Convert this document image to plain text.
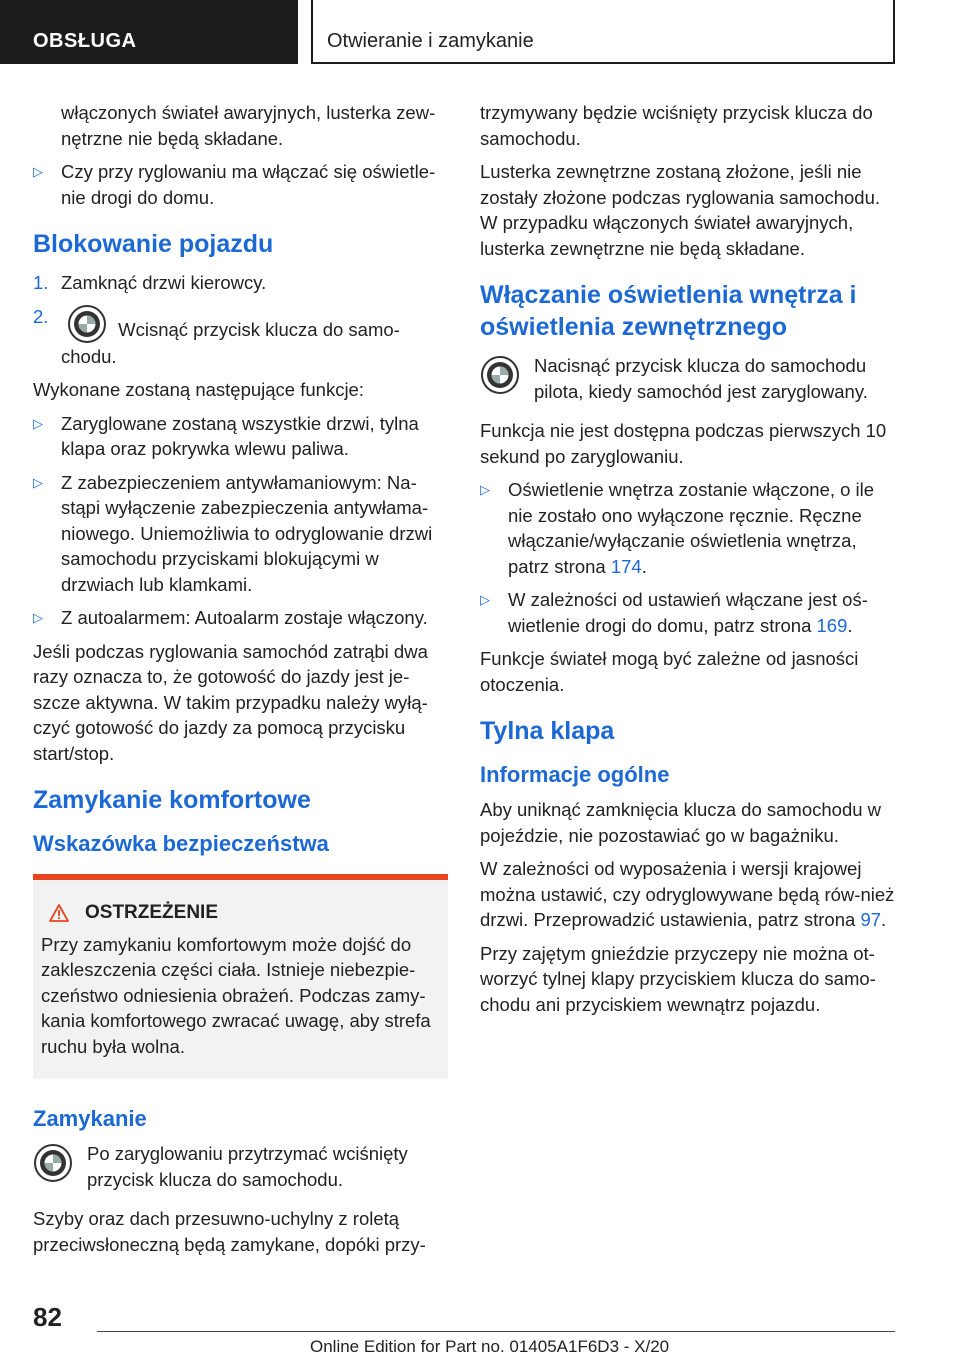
OBSŁUGA	Otwieranie i zamykanie

włączonych świateł awaryjnych, lusterka zew-nętrzne nie będą składane.

▷ Czy przy ryglowaniu ma włączać się oświetle-nie drogi do domu.
Blokowanie pojazdu
1. Zamknąć drzwi kierowcy.
2.
Wcisnąć przycisk klucza do samo-chodu.

Wykonane zostaną następujące funkcje:

▷ Zaryglowane zostaną wszystkie drzwi, tylna klapa oraz pokrywka wlewu paliwa.
▷ Z zabezpieczeniem antywłamaniowym: Na-stąpi wyłączenie zabezpieczenia antywłama-niowego. Uniemożliwia to odryglowanie drzwi samochodu przyciskami blokującymi w drzwiach lub klamkami.
▷ Z autoalarmem: Autoalarm zostaje włączony.

Jeśli podczas ryglowania samochód zatrąbi dwa razy oznacza to, że gotowość do jazdy jest je-szcze aktywna. W takim przypadku należy wyłą-czyć gotowość do jazdy za pomocą przycisku start/stop.

Zamykanie komfortowe
Wskazówka bezpieczeństwa
OSTRZEŻENIE

Przy zamykaniu komfortowym może dojść do zakleszczenia części ciała. Istnieje niebezpie-czeństwo odniesienia obrażeń. Podczas zamy-kania komfortowego zwracać uwagę, aby strefa ruchu była wolna.

Zamykanie
Po zaryglowaniu przytrzymać wciśnięty przycisk klucza do samochodu.

Szyby oraz dach przesuwno-uchylny z roletą przeciwsłoneczną będą zamykane, dopóki przy-

trzymywany będzie wciśnięty przycisk klucza do samochodu.

Lusterka zewnętrzne zostaną złożone, jeśli nie zostały złożone podczas ryglowania samochodu. W przypadku włączonych świateł awaryjnych, lusterka zewnętrzne nie będą składane.

Włączanie oświetlenia wnętrza i oświetlenia zewnętrznego
Nacisnąć przycisk klucza do samochodu pilota, kiedy samochód jest zaryglowany.

Funkcja nie jest dostępna podczas pierwszych 10 sekund po zaryglowaniu.

▷ Oświetlenie wnętrza zostanie włączone, o ile nie zostało ono wyłączone ręcznie. Ręczne włączanie/wyłączanie oświetlenia wnętrza, patrz strona 174.
▷ W zależności od ustawień włączane jest oś-wietlenie drogi do domu, patrz strona 169.

Funkcje świateł mogą być zależne od jasności otoczenia.

Tylna klapa
Informacje ogólne

Aby uniknąć zamknięcia klucza do samochodu w pojeździe, nie pozostawiać go w bagażniku.

W zależności od wyposażenia i wersji krajowej można ustawić, czy odryglowywane będą rów-nież drzwi. Przeprowadzić ustawienia, patrz strona 97.

Przy zajętym gnieździe przyczepy nie można ot-worzyć tylnej klapy przyciskiem klucza do samo-chodu ani przyciskiem wewnątrz pojazdu.

82
Online Edition for Part no. 01405A1F6D3 - X/20
